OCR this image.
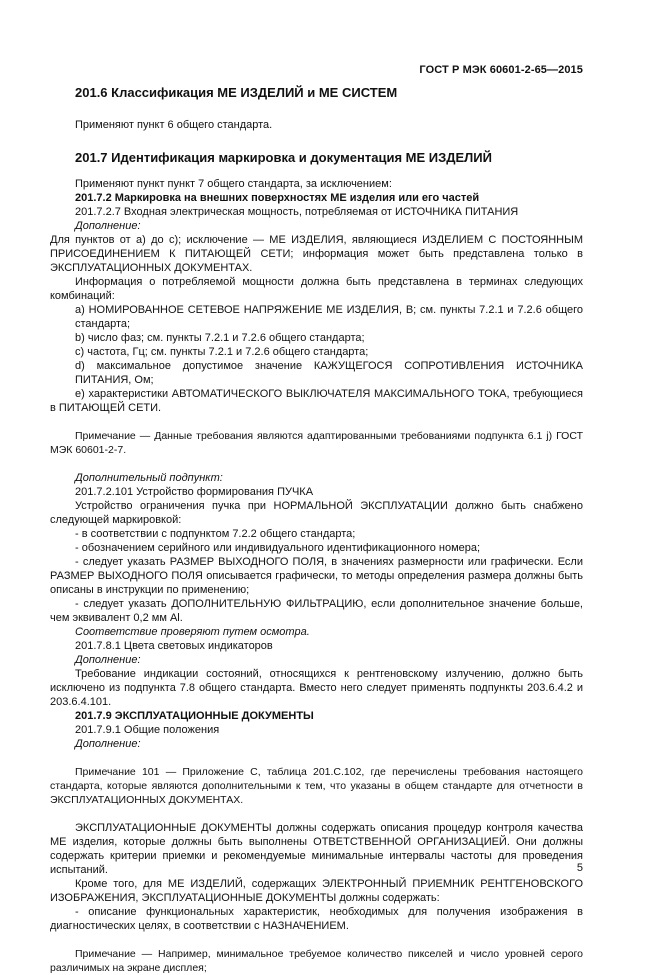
ГОСТ Р МЭК 60601-2-65—2015
201.6 Классификация ME ИЗДЕЛИЙ и ME СИСТЕМ
Применяют пункт 6 общего стандарта.
201.7 Идентификация маркировка и документация ME ИЗДЕЛИЙ
Применяют пункт пункт 7 общего стандарта, за исключением:
201.7.2 Маркировка на внешних поверхностях ME изделия или его частей
201.7.2.7 Входная электрическая мощность, потребляемая от ИСТОЧНИКА ПИТАНИЯ
Дополнение:
Для пунктов от а) до с); исключение — ME ИЗДЕЛИЯ, являющиеся ИЗДЕЛИЕМ С ПОСТОЯННЫМ ПРИСОЕДИНЕНИЕМ К ПИТАЮЩЕЙ СЕТИ; информация может быть представлена только в ЭКСПЛУАТАЦИОННЫХ ДОКУМЕНТАХ.
Информация о потребляемой мощности должна быть представлена в терминах следующих комбинаций:
а) НОМИРОВАННОЕ СЕТЕВОЕ НАПРЯЖЕНИЕ ME ИЗДЕЛИЯ, В; см. пункты 7.2.1 и 7.2.6 общего стандарта;
b) число фаз; см. пункты 7.2.1 и 7.2.6 общего стандарта;
с) частота, Гц; см. пункты 7.2.1 и 7.2.6 общего стандарта;
d) максимальное допустимое значение КАЖУЩЕГОСЯ СОПРОТИВЛЕНИЯ ИСТОЧНИКА ПИТАНИЯ, Ом;
е) характеристики АВТОМАТИЧЕСКОГО ВЫКЛЮЧАТЕЛЯ МАКСИМАЛЬНОГО ТОКА, требующиеся в ПИТАЮЩЕЙ СЕТИ.
Примечание — Данные требования являются адаптированными требованиями подпункта 6.1 j) ГОСТ МЭК 60601-2-7.
Дополнительный подпункт:
201.7.2.101 Устройство формирования ПУЧКА
Устройство ограничения пучка при НОРМАЛЬНОЙ ЭКСПЛУАТАЦИИ должно быть снабжено следующей маркировкой:
- в соответствии с подпунктом 7.2.2 общего стандарта;
- обозначением серийного или индивидуального идентификационного номера;
- следует указать РАЗМЕР ВЫХОДНОГО ПОЛЯ, в значениях размерности или графически. Если РАЗМЕР ВЫХОДНОГО ПОЛЯ описывается графически, то методы определения размера должны быть описаны в инструкции по применению;
- следует указать ДОПОЛНИТЕЛЬНУЮ ФИЛЬТРАЦИЮ, если дополнительное значение больше, чем эквивалент 0,2 мм Al.
Соответствие проверяют путем осмотра.
201.7.8.1 Цвета световых индикаторов
Дополнение:
Требование индикации состояний, относящихся к рентгеновскому излучению, должно быть исключено из подпункта 7.8 общего стандарта. Вместо него следует применять подпункты 203.6.4.2 и 203.6.4.101.
201.7.9 ЭКСПЛУАТАЦИОННЫЕ ДОКУМЕНТЫ
201.7.9.1 Общие положения
Дополнение:
Примечание 101 — Приложение С, таблица 201.С.102, где перечислены требования настоящего стандарта, которые являются дополнительными к тем, что указаны в общем стандарте для отчетности в ЭКСПЛУАТАЦИОННЫХ ДОКУМЕНТАХ.
ЭКСПЛУАТАЦИОННЫЕ ДОКУМЕНТЫ должны содержать описания процедур контроля качества ME изделия, которые должны быть выполнены ОТВЕТСТВЕННОЙ ОРГАНИЗАЦИЕЙ. Они должны содержать критерии приемки и рекомендуемые минимальные интервалы частоты для проведения испытаний.
Кроме того, для ME ИЗДЕЛИЙ, содержащих ЭЛЕКТРОННЫЙ ПРИЕМНИК РЕНТГЕНОВСКОГО ИЗОБРАЖЕНИЯ, ЭКСПЛУАТАЦИОННЫЕ ДОКУМЕНТЫ должны содержать:
- описание функциональных характеристик, необходимых для получения изображения в диагностических целях, в соответствии с НАЗНАЧЕНИЕМ.
Примечание — Например, минимальное требуемое количество пикселей и число уровней серого различимых на экране дисплея;
5
